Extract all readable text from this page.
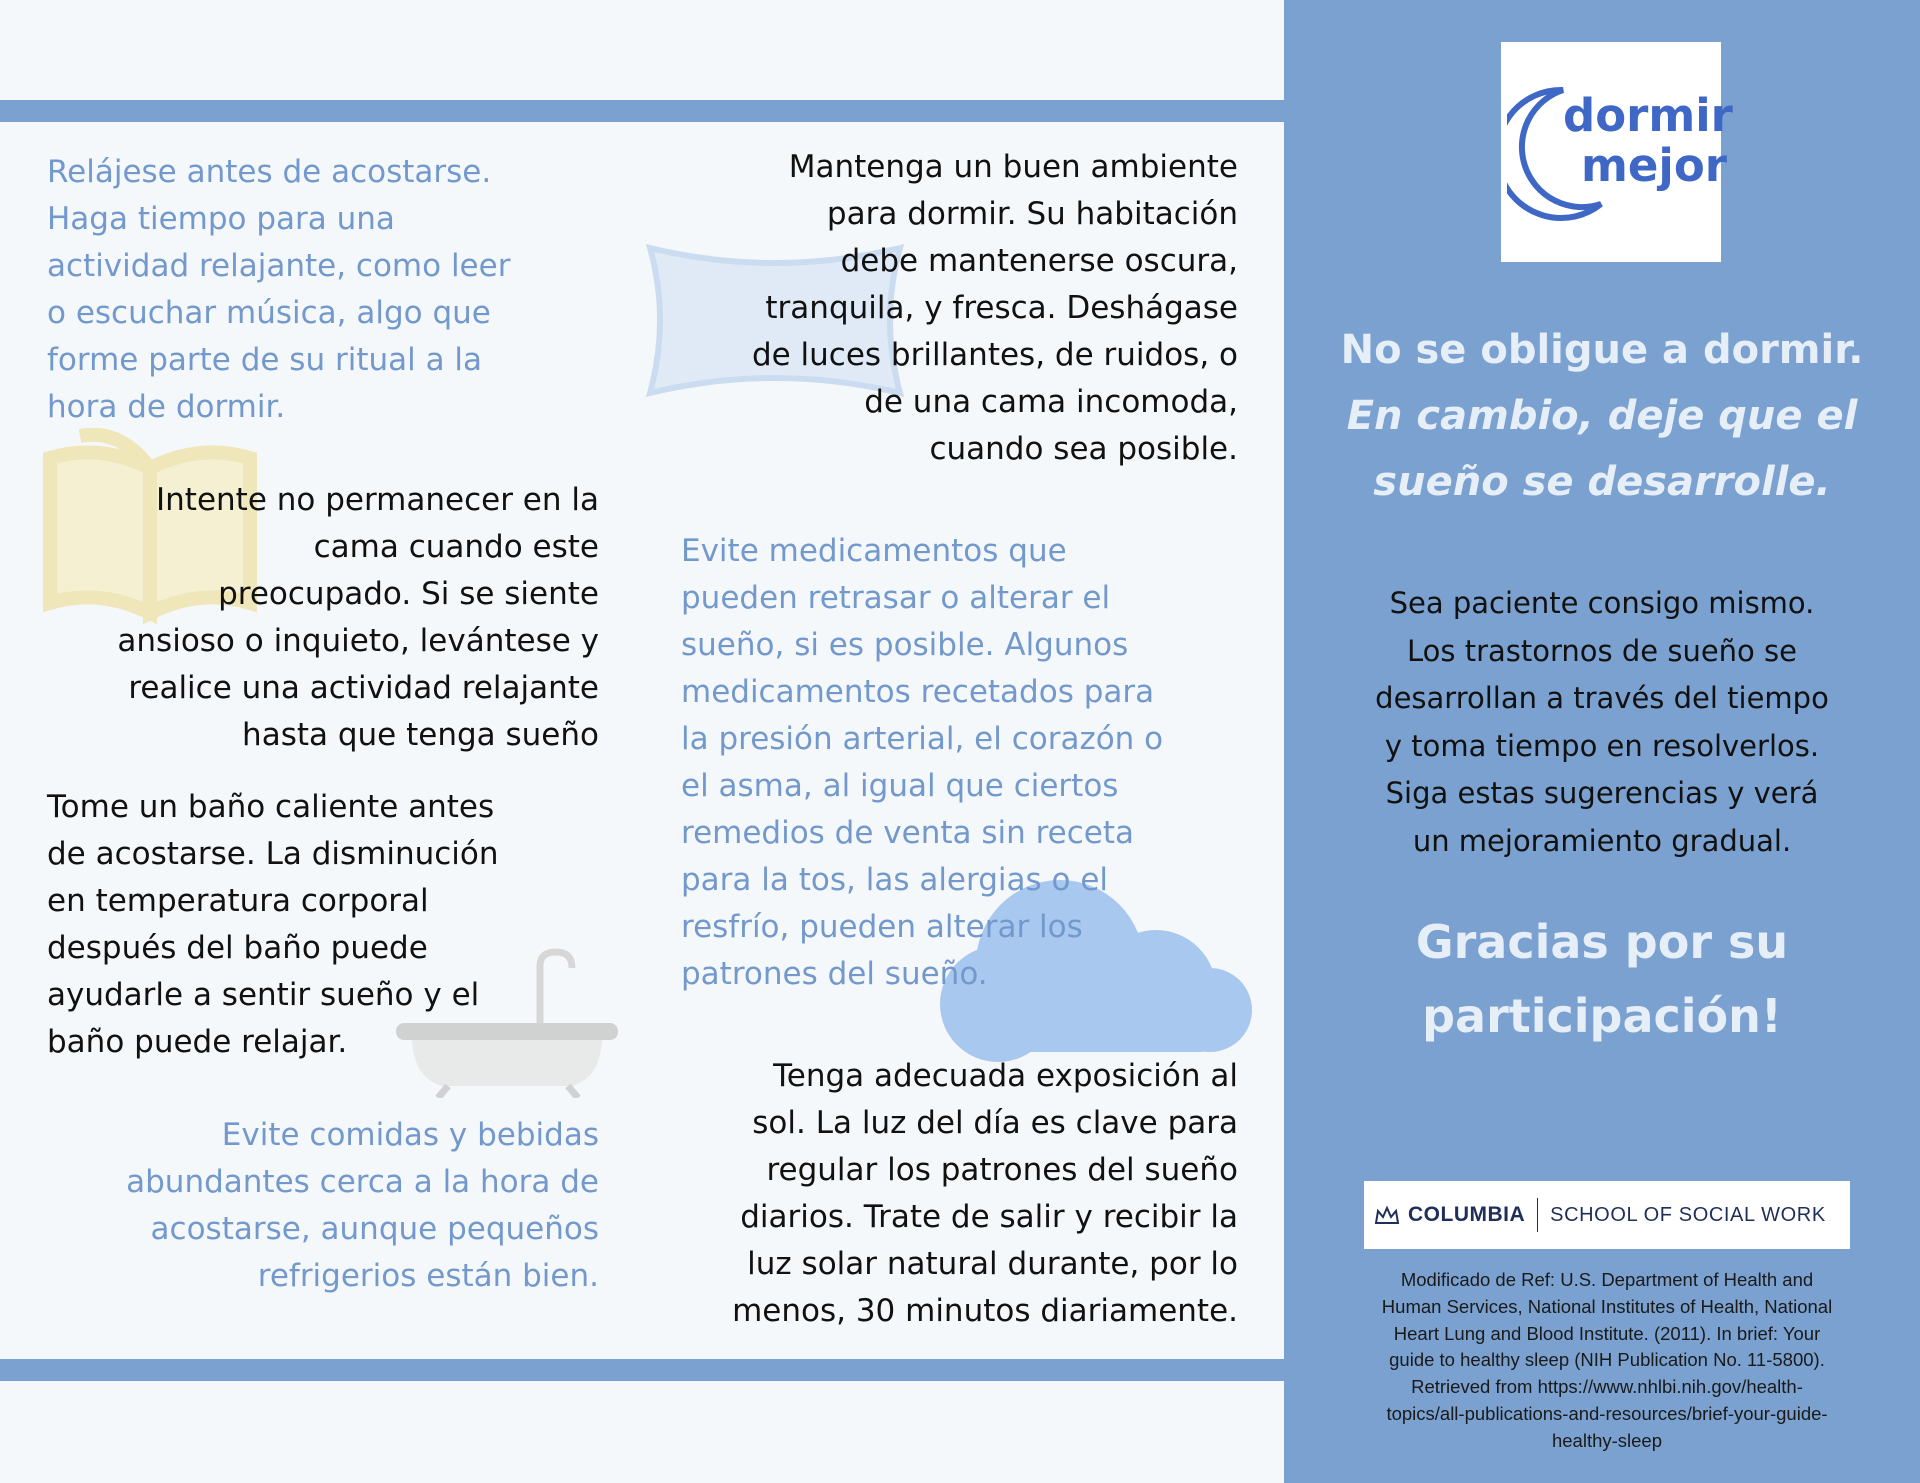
Relájese antes de acostarse.
Haga tiempo para una
actividad relajante, como leer
o escuchar música, algo que
forme parte de su ritual a la
hora de dormir.

Intente no permanecer en la
cama cuando este
preocupado. Si se siente
ansioso o inquieto, levántese y
realice una actividad relajante
hasta que tenga sueño

Tome un baño caliente antes
de acostarse. La disminución
en temperatura corporal
después del baño puede
ayudarle a sentir sueño y el
baño puede relajar.

Evite comidas y bebidas
abundantes cerca a la hora de
acostarse, aunque pequeños
refrigerios están bien.

Mantenga un buen ambiente
para dormir. Su habitación
debe mantenerse oscura,
tranquila, y fresca. Deshágase
de luces brillantes, de ruidos, o
de una cama incomoda,
cuando sea posible.

Evite medicamentos que
pueden retrasar o alterar el
sueño, si es posible. Algunos
medicamentos recetados para
la presión arterial, el corazón o
el asma, al igual que ciertos
remedios de venta sin receta
para la tos, las alergias o el
resfrío, pueden alterar los
patrones del sueño.

Tenga adecuada exposición al
sol. La luz del día es clave para
regular los patrones del sueño
diarios. Trate de salir y recibir la
luz solar natural durante, por lo
menos, 30 minutos diariamente.

dormir
mejor

No se obligue a dormir.

En cambio, deje que el

sueño se desarrolle.

Sea paciente consigo mismo.
Los trastornos de sueño se
desarrollan a través del tiempo
y toma tiempo en resolverlos.
Siga estas sugerencias y verá
un mejoramiento gradual.

Gracias por su
participación!

COLUMBIA SCHOOL OF SOCIAL WORK

Modificado de Ref: U.S. Department of Health and
Human Services, National Institutes of Health, National
Heart Lung and Blood Institute. (2011). In brief: Your
guide to healthy sleep (NIH Publication No. 11-5800).
Retrieved from https://www.nhlbi.nih.gov/health-
topics/all-publications-and-resources/brief-your-guide-
healthy-sleep
